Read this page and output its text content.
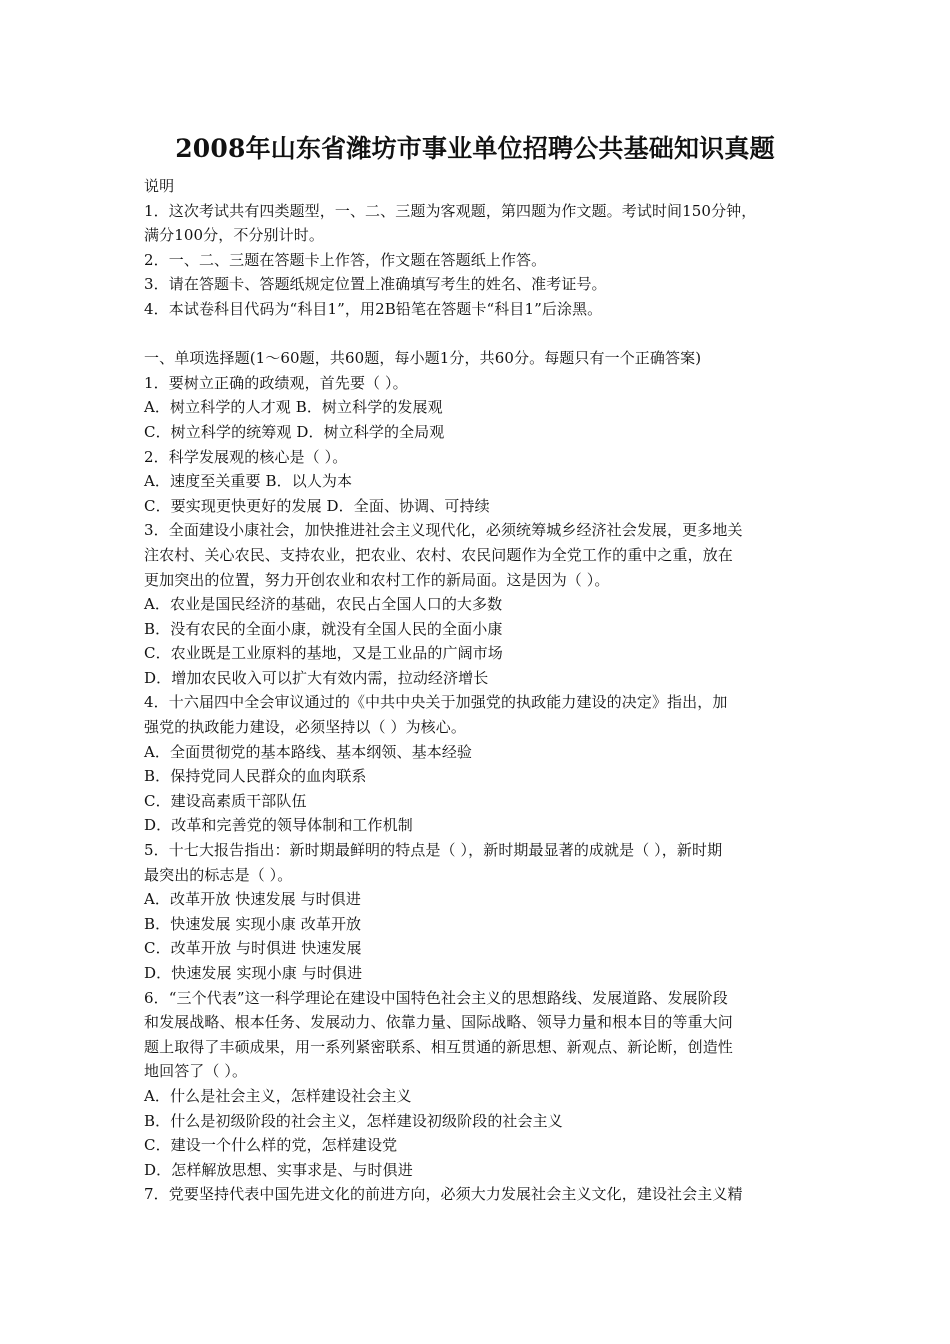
2008年山东省潍坊市事业单位招聘公共基础知识真题
说明
1．这次考试共有四类题型，一、二、三题为客观题，第四题为作文题。考试时间150分钟，
满分100分，不分别计时。
2．一、二、三题在答题卡上作答，作文题在答题纸上作答。
3．请在答题卡、答题纸规定位置上准确填写考生的姓名、准考证号。
4．本试卷科目代码为“科目1”，用2B铅笔在答题卡“科目1”后涂黑。
一、单项选择题(1～60题，共60题，每小题1分，共60分。每题只有一个正确答案)
1．要树立正确的政绩观，首先要（ ）。
A．树立科学的人才观 B．树立科学的发展观
C．树立科学的统筹观 D．树立科学的全局观
2．科学发展观的核心是（ ）。
A．速度至关重要 B．以人为本
C．要实现更快更好的发展 D．全面、协调、可持续
3．全面建设小康社会，加快推进社会主义现代化，必须统筹城乡经济社会发展，更多地关
注农村、关心农民、支持农业，把农业、农村、农民问题作为全党工作的重中之重，放在
更加突出的位置，努力开创农业和农村工作的新局面。这是因为（ ）。
A．农业是国民经济的基础，农民占全国人口的大多数
B．没有农民的全面小康，就没有全国人民的全面小康
C．农业既是工业原料的基地，又是工业品的广阔市场
D．增加农民收入可以扩大有效内需，拉动经济增长
4．十六届四中全会审议通过的《中共中央关于加强党的执政能力建设的决定》指出，加
强党的执政能力建设，必须坚持以（ ）为核心。
A．全面贯彻党的基本路线、基本纲领、基本经验
B．保持党同人民群众的血肉联系
C．建设高素质干部队伍
D．改革和完善党的领导体制和工作机制
5．十七大报告指出：新时期最鲜明的特点是（ ），新时期最显著的成就是（ ），新时期
最突出的标志是（ ）。
A．改革开放 快速发展 与时俱进
B．快速发展 实现小康 改革开放
C．改革开放 与时俱进 快速发展
D．快速发展 实现小康 与时俱进
6．“三个代表”这一科学理论在建设中国特色社会主义的思想路线、发展道路、发展阶段
和发展战略、根本任务、发展动力、依靠力量、国际战略、领导力量和根本目的等重大问
题上取得了丰硕成果，用一系列紧密联系、相互贯通的新思想、新观点、新论断，创造性
地回答了（ ）。
A．什么是社会主义，怎样建设社会主义
B．什么是初级阶段的社会主义，怎样建设初级阶段的社会主义
C．建设一个什么样的党，怎样建设党
D．怎样解放思想、实事求是、与时俱进
7．党要坚持代表中国先进文化的前进方向，必须大力发展社会主义文化，建设社会主义精
